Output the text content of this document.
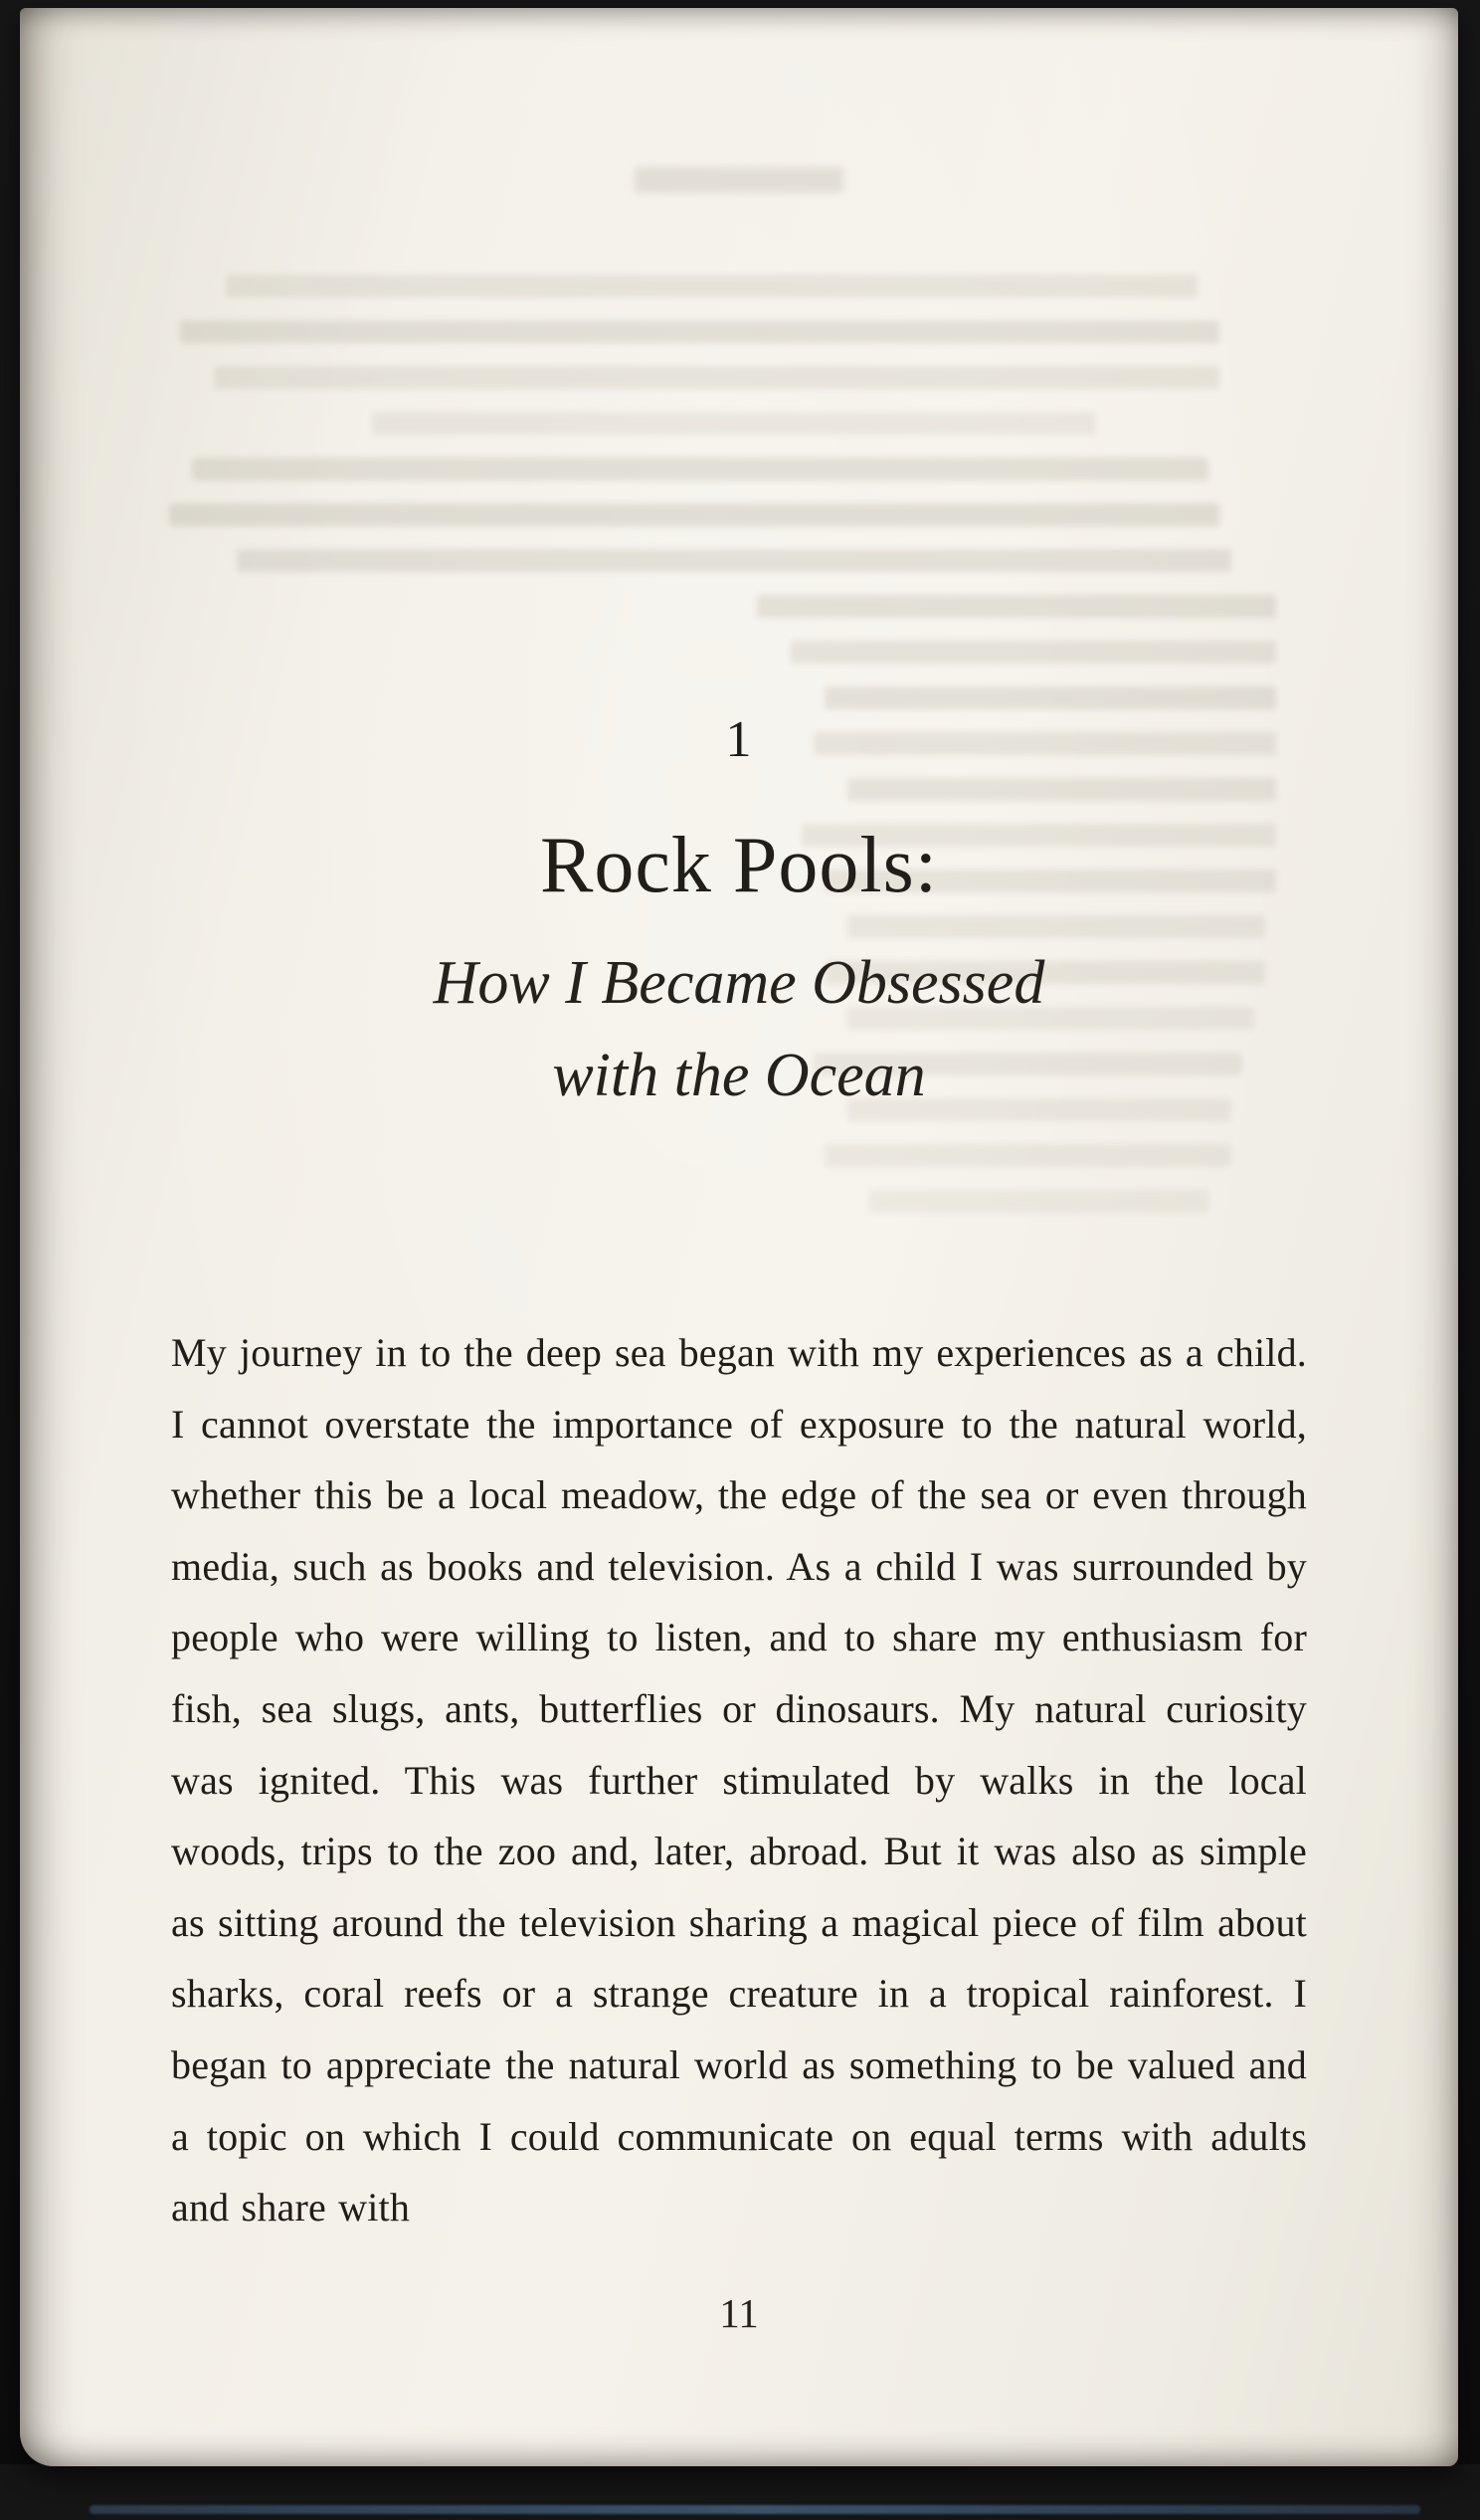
1

Rock Pools:
How I Became Obsessed
with the Ocean

My journey in to the deep sea began with my experiences as a child. I cannot overstate the importance of exposure to the natural world, whether this be a local meadow, the edge of the sea or even through media, such as books and television. As a child I was surrounded by people who were willing to listen, and to share my enthusiasm for fish, sea slugs, ants, butterflies or dinosaurs. My natural curiosity was ignited. This was further stimulated by walks in the local woods, trips to the zoo and, later, abroad. But it was also as simple as sitting around the television sharing a magical piece of film about sharks, coral reefs or a strange creature in a tropical rainforest. I began to appreciate the natural world as something to be valued and a topic on which I could communicate on equal terms with adults and share with

11
